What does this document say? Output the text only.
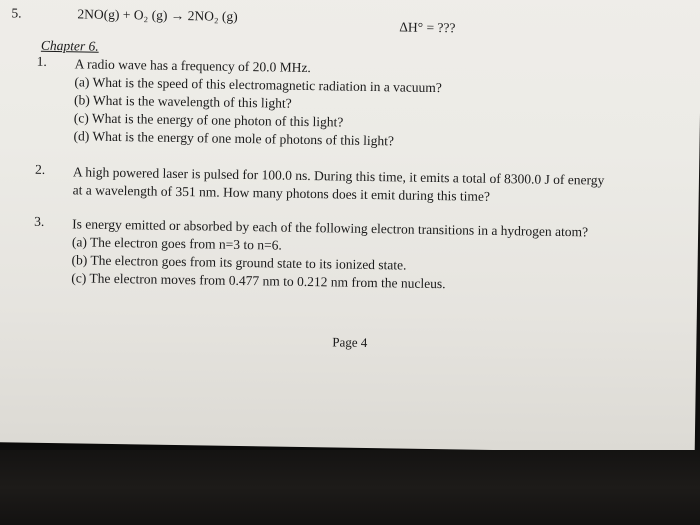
5.	2NO(g) + O₂ (g) → 2NO₂ (g)
ΔH° = ???
Chapter 6.
1. A radio wave has a frequency of 20.0 MHz.
(a) What is the speed of this electromagnetic radiation in a vacuum?
(b) What is the wavelength of this light?
(c) What is the energy of one photon of this light?
(d) What is the energy of one mole of photons of this light?
2. A high powered laser is pulsed for 100.0 ns. During this time, it emits a total of 8300.0 J of energy
at a wavelength of 351 nm. How many photons does it emit during this time?
3. Is energy emitted or absorbed by each of the following electron transitions in a hydrogen atom?
(a) The electron goes from n=3 to n=6.
(b) The electron goes from its ground state to its ionized state.
(c) The electron moves from 0.477 nm to 0.212 nm from the nucleus.
Page 4
